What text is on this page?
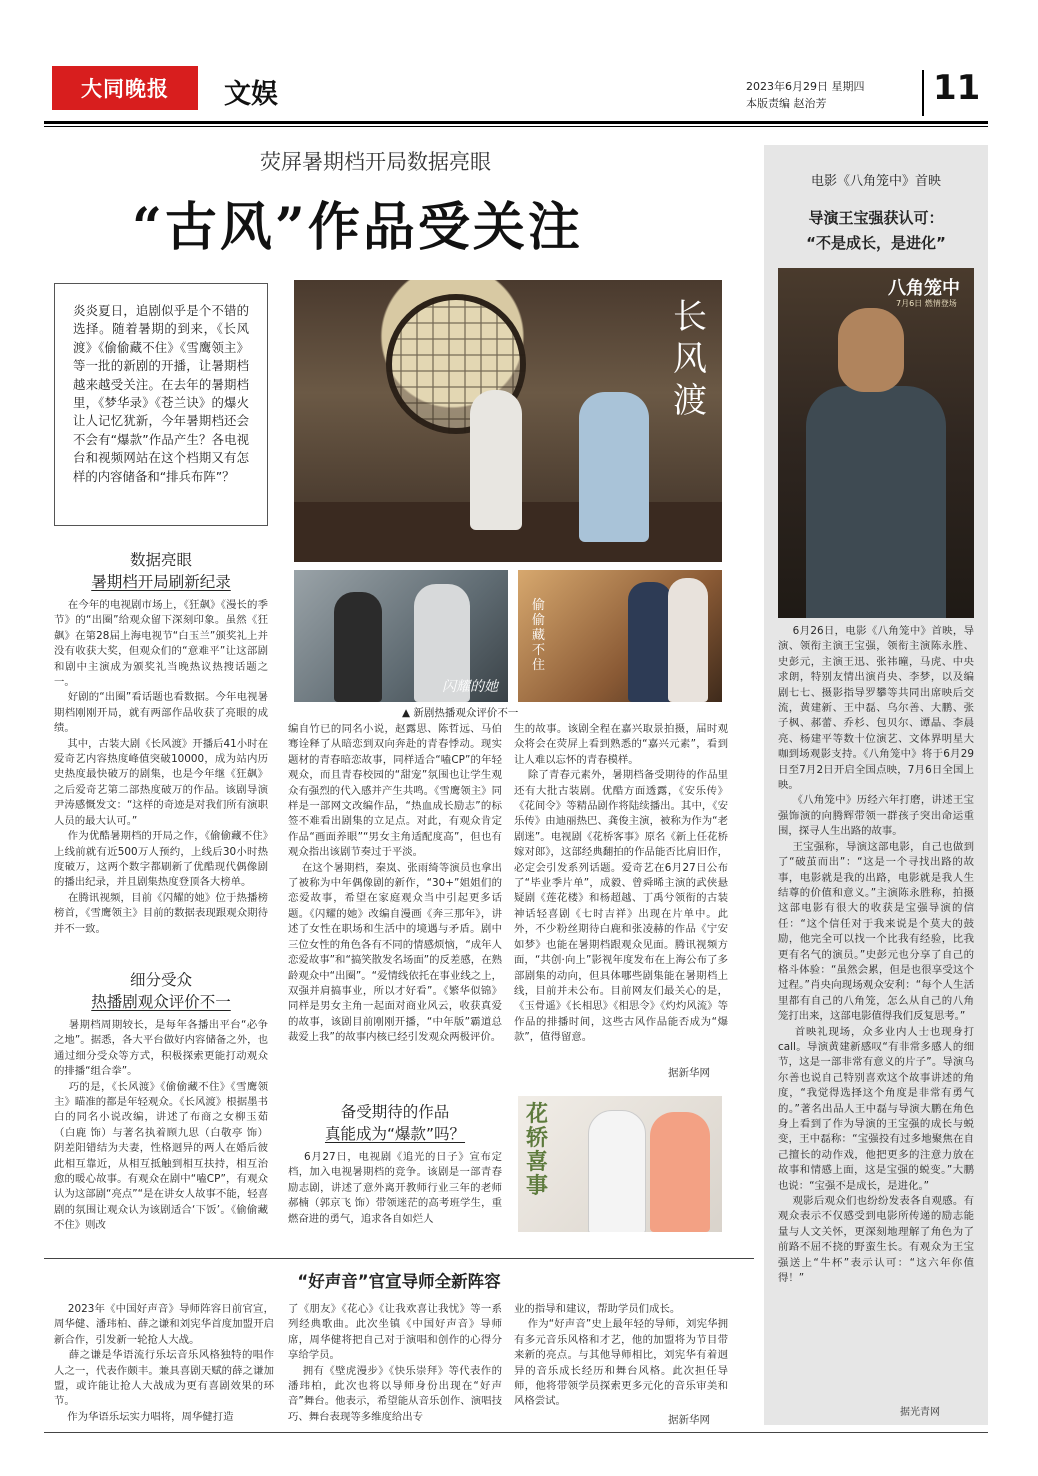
大同晚报	文娱	2023年6月29日 星期四
本版责编 赵治芳	11
荧屏暑期档开局数据亮眼
“古风”作品受关注
炎炎夏日，追剧似乎是个不错的选择。随着暑期的到来，《长风渡》《偷偷藏不住》《雪鹰领主》等一批的新剧的开播，让暑期档越来越受关注。在去年的暑期档里，《梦华录》《苍兰诀》的爆火让人记忆犹新，今年暑期档还会不会有“爆款”作品产生？各电视台和视频网站在这个档期又有怎样的内容储备和“排兵布阵”？
数据亮眼
暑期档开局刷新纪录
在今年的电视剧市场上，《狂飙》《漫长的季节》的“出圈”给观众留下深刻印象。虽然《狂飙》在第28届上海电视节“白玉兰”颁奖礼上并没有收获大奖，但观众们的“意难平”让这部剧和剧中主演成为颁奖礼当晚热议热搜话题之一。
好剧的“出圈”看话题也看数据。今年电视暑期档刚刚开局，就有两部作品收获了亮眼的成绩。
其中，古装大剧《长风渡》开播后41小时在爱奇艺内容热度峰值突破10000，成为站内历史热度最快破万的剧集，也是今年继《狂飙》之后爱奇艺第二部热度破万的作品。该剧导演尹涛感慨发文：“这样的奇迹是对我们所有演职人员的最大认可。”
作为优酷暑期档的开局之作，《偷偷藏不住》上线前就有近500万人预约，上线后30小时热度破万，这两个数字都刷新了优酷现代偶像剧的播出纪录，并且剧集热度登顶各大榜单。
在腾讯视频，目前《闪耀的她》位于热播榜榜首，《雪鹰领主》目前的数据表现跟观众期待并不一致。
细分受众
热播剧观众评价不一
暑期档周期较长，是每年各播出平台“必争之地”。据悉，各大平台做好内容储备之外，也通过细分受众等方式，积极探索更能打动观众的排播“组合拳”。
巧的是，《长风渡》《偷偷藏不住》《雪鹰领主》瞄准的都是年轻观众。《长风渡》根据墨书白的同名小说改编，讲述了布商之女柳玉茹（白鹿 饰）与著名执着顾九思（白敬亭 饰）阴差阳错结为夫妻，性格迥异的两人在婚后彼此相互靠近，从相互抵触到相互扶持，相互治愈的暖心故事。有观众在剧中“嗑CP”，有观众认为这部剧“亮点”“是在讲女人故事不能，轻喜剧的氛围让观众认为该剧适合‘下饭’。《偷偷藏不住》则改
长风渡
闪耀的她
偷偷藏不住
▲ 新剧热播观众评价不一
编自竹已的同名小说，赵露思、陈哲远、马伯骞诠释了从暗恋到双向奔赴的青春悸动。现实题材的青春暗恋故事，同样适合“嗑CP”的年轻观众，而且青春校园的“甜宠”氛围也让学生观众有强烈的代入感并产生共鸣。《雪鹰领主》同样是一部网文改编作品，“热血成长励志”的标签不难看出剧集的立足点。对此，有观众肯定作品“画面养眼”“男女主角适配度高”，但也有观众指出该剧节奏过于平淡。
在这个暑期档，秦岚、张雨绮等演员也拿出了被称为中年偶像剧的新作，“30+”姐姐们的恋爱故事，希望在家庭观众当中引起更多话题。《闪耀的她》改编自漫画《奔三那年》，讲述了女性在职场和生活中的境遇与矛盾。剧中三位女性的角色各有不同的情感烦恼，“成年人恋爱故事”和“搞笑散发名场面”的反差感，在熟龄观众中“出圈”。“爱情线依托在事业线之上，双强并肩搞事业，所以才好看”。《繁华似锦》同样是男女主角一起面对商业风云，收获真爱的故事，该剧目前刚刚开播，“中年版”霸道总裁爱上我”的故事内核已经引发观众两极评价。
生的故事。该剧全程在嘉兴取景拍摄，届时观众将会在荧屏上看到熟悉的“嘉兴元素”，看到让人难以忘怀的青春模样。
除了青春元素外，暑期档备受期待的作品里还有大批古装剧。优酷方面透露，《安乐传》《花间令》等精品剧作将陆续播出。其中，《安乐传》由迪丽热巴、龚俊主演，被称为作为“老剧迷”。电视剧《花桥客事》原名《新上任花桥嫁对郎》，这部经典翻拍的作品能否比肩旧作，必定会引发系列话题。爱奇艺在6月27日公布了“毕业季片单”，成毅、曾舜晞主演的武侠悬疑剧《莲花楼》和杨超越、丁禹兮领衔的古装神话轻喜剧《七时吉祥》出现在片单中。此外，不少粉丝期待白鹿和张凌赫的作品《宁安如梦》也能在暑期档跟观众见面。腾讯视频方面，“共创·向上”影视年度发布在上海公布了多部剧集的动向，但具体哪些剧集能在暑期档上线，目前并未公布。目前网友们最关心的是，《玉骨遥》《长相思》《相思令》《灼灼风流》等作品的排播时间，这些古风作品能否成为“爆款”，值得留意。
据新华网
备受期待的作品
真能成为“爆款”吗？
6月27日，电视剧《追光的日子》宣布定档，加入电视暑期档的竞争。该剧是一部青春励志剧，讲述了意外离开教师行业三年的老师郝楠（郭京飞 饰）带领迷茫的高考班学生，重燃奋进的勇气，追求各自如烂人
花轿喜事
电影《八角笼中》首映
导演王宝强获认可：
“不是成长，是进化”
八角笼中
7月6日 燃情登场
6月26日，电影《八角笼中》首映，导演、领衔主演王宝强，领衔主演陈永胜、史彭元，主演王迅、张祎曈，马虎、中央求朗，特别友情出演肖央、李梦，以及编剧七七、摄影指导罗攀等共同出席映后交流，黄建新、王中磊、乌尔善、大鹏、张子枫、郝蕾、乔杉、包贝尔、谭晶、李晨亮、杨建平等数十位演艺、文体界明星大咖到场观影支持。《八角笼中》将于6月29日至7月2日开启全国点映，7月6日全国上映。
《八角笼中》历经六年打磨，讲述王宝强饰演的向腾辉带领一群孩子突出命运重围，探寻人生出路的故事。
王宝强称，导演这部电影，自己也做到了“破茧而出”：“这是一个寻找出路的故事，电影就是我的出路，电影就是我人生结尊的价值和意义。”主演陈永胜称，拍摄这部电影有很大的收获是宝强导演的信任：“这个信任对于我来说是个莫大的鼓励，他完全可以找一个比我有经验，比我更有名气的演员。”史彭元也分享了自己的格斗体验：“虽然会累，但是也很享受这个过程。”肖央向现场观众安利：“每个人生活里都有自己的八角笼，怎么从自己的八角笼打出来，这部电影值得我们反复思考。”
首映礼现场，众多业内人士也现身打call。导演黄建新感叹“有非常多感人的细节，这是一部非常有意义的片子”。导演乌尔善也说自己特别喜欢这个故事讲述的角度，“我觉得选择这个角度是非常有勇气的。”著名出品人王中磊与导演大鹏在角色身上看到了作为导演的王宝强的成长与蜕变，王中磊称：“宝强投有过多地聚焦在自己擅长的动作戏，他把更多的注意力放在故事和情感上面，这是宝强的蜕变。”大鹏也说：“宝强不是成长，是进化。”
观影后观众们也纷纷发表各自观感。有观众表示不仅感受到电影所传递的励志能量与人文关怀，更深刻地理解了角色为了前路不屈不挠的野蛮生长。有观众为王宝强送上“牛杯”表示认可：“这六年你值得！”
据光青网
“好声音”官宣导师全新阵容
2023年《中国好声音》导师阵容日前官宣，周华健、潘玮柏、薛之谦和刘宪华首度加盟开启新合作，引发新一轮抢人大战。
薛之谦是华语流行乐坛音乐风格独特的唱作人之一，代表作颇丰。兼具喜剧天赋的薛之谦加盟，或许能让抢人大战成为更有喜剧效果的环节。
作为华语乐坛实力唱将，周华健打造
了《朋友》《花心》《让我欢喜让我忧》等一系列经典歌曲。此次坐镇《中国好声音》导师席，周华健将把自己对于演唱和创作的心得分享给学员。
拥有《壁虎漫步》《快乐崇拜》等代表作的潘玮柏，此次也将以导师身份出现在“好声音”舞台。他表示，希望能从音乐创作、演唱技巧、舞台表现等多维度给出专
业的指导和建议，帮助学员们成长。
作为“好声音”史上最年轻的导师，刘宪华拥有多元音乐风格和才艺，他的加盟将为节目带来新的亮点。与其他导师相比，刘宪华有着迥异的音乐成长经历和舞台风格。此次担任导师，他将带领学员探索更多元化的音乐审美和风格尝试。
据新华网
